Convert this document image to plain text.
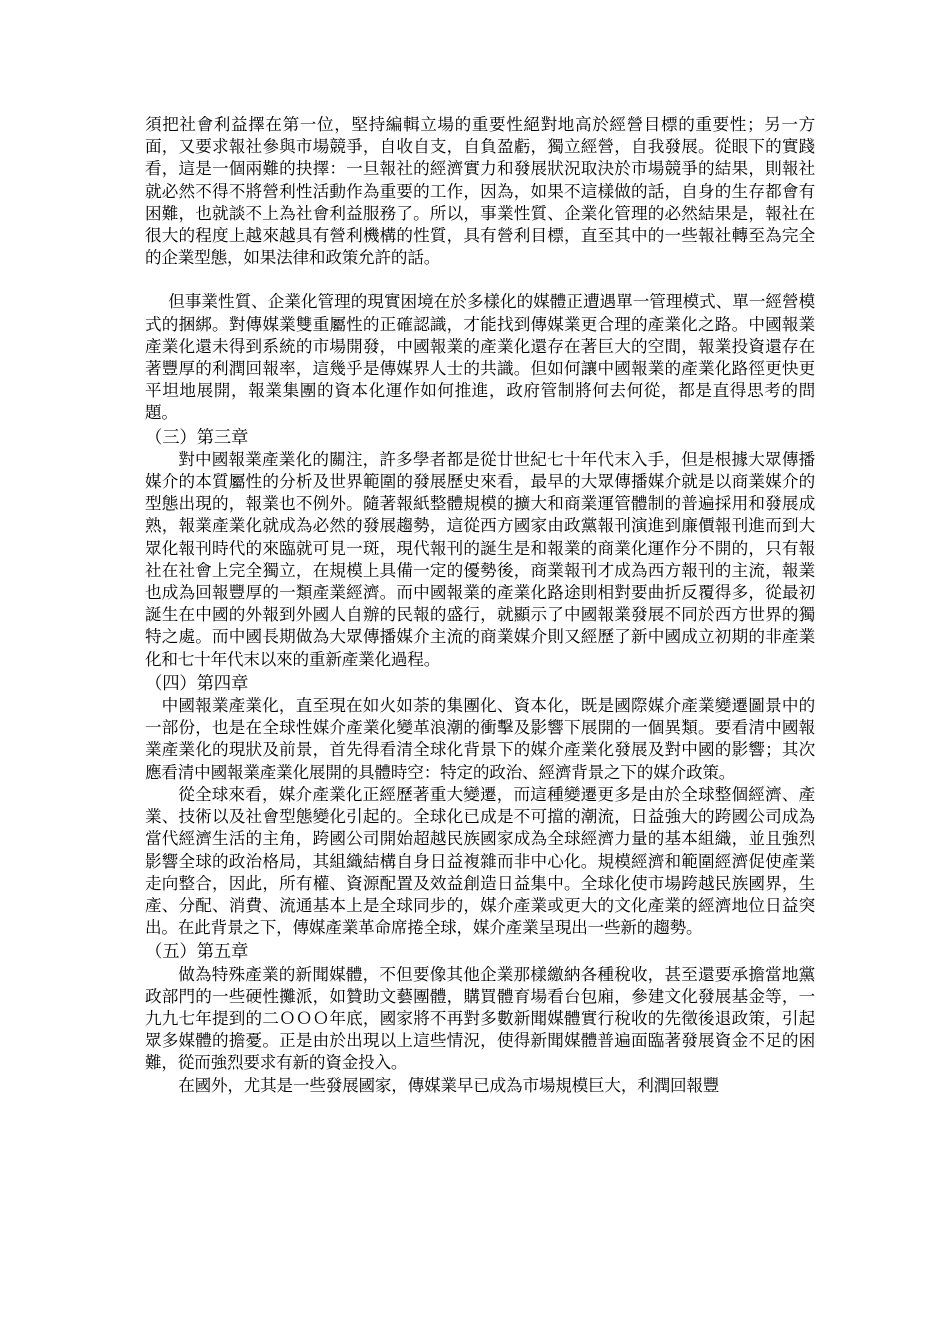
須把社會利益擇在第一位，堅持編輯立場的重要性絕對地高於經營目標的重要性；另一方面，又要求報社參與市場競爭，自收自支，自負盈虧，獨立經營，自我發展。從眼下的實踐看，這是一個兩難的抉擇：一旦報社的經濟實力和發展狀況取決於市場競爭的結果，則報社就必然不得不將營利性活動作為重要的工作，因為，如果不這樣做的話，自身的生存都會有困難，也就談不上為社會利益服務了。所以，事業性質、企業化管理的必然結果是，報社在很大的程度上越來越具有營利機構的性質，具有營利目標，直至其中的一些報社轉至為完全的企業型態，如果法律和政策允許的話。

但事業性質、企業化管理的現實困境在於多樣化的媒體正遭遇單一管理模式、單一經營模式的捆綁。對傳媒業雙重屬性的正確認識，才能找到傳媒業更合理的產業化之路。中國報業產業化還未得到系統的市場開發，中國報業的產業化還存在著巨大的空間，報業投資還存在著豐厚的利潤回報率，這幾乎是傳媒界人士的共識。但如何讓中國報業的產業化路徑更快更平坦地展開，報業集團的資本化運作如何推進，政府管制將何去何從，都是直得思考的問題。

（三）第三章

對中國報業產業化的關注，許多學者都是從廿世紀七十年代末入手，但是根據大眾傳播媒介的本質屬性的分析及世界範圍的發展歷史來看，最早的大眾傳播媒介就是以商業媒介的型態出現的，報業也不例外。隨著報紙整體規模的擴大和商業運管體制的普遍採用和發展成熟，報業產業化就成為必然的發展趨勢，這從西方國家由政黨報刊演進到廉價報刊進而到大眾化報刊時代的來臨就可見一斑，現代報刊的誕生是和報業的商業化運作分不開的，只有報社在社會上完全獨立，在規模上具備一定的優勢後，商業報刊才成為西方報刊的主流，報業也成為回報豐厚的一類產業經濟。而中國報業的產業化路途則相對要曲折反覆得多，從最初誕生在中國的外報到外國人自辦的民報的盛行，就顯示了中國報業發展不同於西方世界的獨特之處。而中國長期做為大眾傳播媒介主流的商業媒介則又經歷了新中國成立初期的非產業化和七十年代末以來的重新產業化過程。

（四）第四章

中國報業產業化，直至現在如火如荼的集團化、資本化，既是國際媒介產業變遷圖景中的一部份，也是在全球性媒介產業化變革浪潮的衝擊及影響下展開的一個異類。要看清中國報業產業化的現狀及前景，首先得看清全球化背景下的媒介產業化發展及對中國的影響；其次應看清中國報業產業化展開的具體時空：特定的政治、經濟背景之下的媒介政策。

從全球來看，媒介產業化正經歷著重大變遷，而這種變遷更多是由於全球整個經濟、產業、技術以及社會型態變化引起的。全球化已成是不可擋的潮流，日益強大的跨國公司成為當代經濟生活的主角，跨國公司開始超越民族國家成為全球經濟力量的基本組織，並且強烈影響全球的政治格局，其組織結構自身日益複雜而非中心化。規模經濟和範圍經濟促使產業走向整合，因此，所有權、資源配置及效益創造日益集中。全球化使市場跨越民族國界，生產、分配、消費、流通基本上是全球同步的，媒介產業或更大的文化產業的經濟地位日益突出。在此背景之下，傳媒產業革命席捲全球，媒介產業呈現出一些新的趨勢。

（五）第五章

做為特殊產業的新聞媒體，不但要像其他企業那樣繳納各種稅收，甚至還要承擔當地黨政部門的一些硬性攤派，如贊助文藝團體，購買體育場看台包廂，參建文化發展基金等，一九九七年提到的二ＯＯＯ年底，國家將不再對多數新聞媒體實行稅收的先徵後退政策，引起眾多媒體的擔憂。正是由於出現以上這些情況，使得新聞媒體普遍面臨著發展資金不足的困難，從而強烈要求有新的資金投入。

在國外，尤其是一些發展國家，傳媒業早已成為市場規模巨大，利潤回報豐
